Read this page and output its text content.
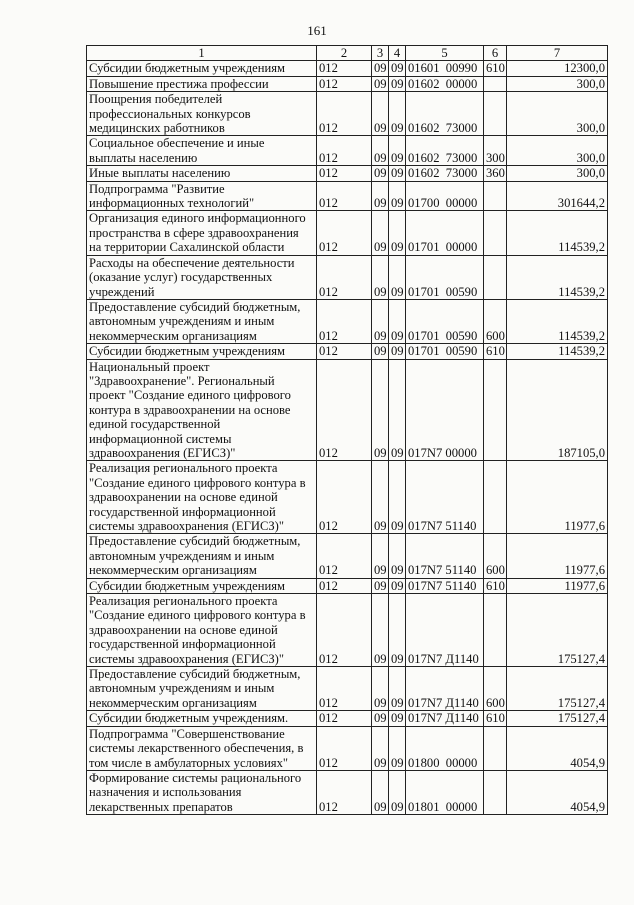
161
1	2	3	4	5	6	7
Субсидии бюджетным учреждениям	012	09	09	01601  00990	610	12300,0
Повышение престижа профессии	012	09	09	01602  00000		300,0
Поощрения победителей профессиональных конкурсов медицинских работников	012	09	09	01602  73000		300,0
Социальное обеспечение и иные выплаты населению	012	09	09	01602  73000	300	300,0
Иные выплаты населению	012	09	09	01602  73000	360	300,0
Подпрограмма "Развитие информационных технологий"	012	09	09	01700  00000		301644,2
Организация единого информационного пространства в сфере здравоохранения на территории Сахалинской области	012	09	09	01701  00000		114539,2
Расходы на обеспечение деятельности (оказание услуг) государственных учреждений	012	09	09	01701  00590		114539,2
Предоставление субсидий бюджетным, автономным учреждениям и иным некоммерческим организациям	012	09	09	01701  00590	600	114539,2
Субсидии бюджетным учреждениям	012	09	09	01701  00590	610	114539,2
Национальный проект "Здравоохранение". Региональный проект "Создание единого цифрового контура в здравоохранении на основе единой государственной информационной системы здравоохранения (ЕГИСЗ)"	012	09	09	017N7 00000		187105,0
Реализация регионального проекта "Создание единого цифрового контура в здравоохранении на основе единой государственной информационной системы здравоохранения (ЕГИСЗ)"	012	09	09	017N7 51140		11977,6
Предоставление субсидий бюджетным, автономным учреждениям и иным некоммерческим организациям	012	09	09	017N7 51140	600	11977,6
Субсидии бюджетным учреждениям	012	09	09	017N7 51140	610	11977,6
Реализация регионального проекта "Создание единого цифрового контура в здравоохранении на основе единой государственной информационной системы здравоохранения (ЕГИСЗ)"	012	09	09	017N7 Д1140		175127,4
Предоставление субсидий бюджетным, автономным учреждениям и иным некоммерческим организациям	012	09	09	017N7 Д1140	600	175127,4
Субсидии бюджетным учреждениям.	012	09	09	017N7 Д1140	610	175127,4
Подпрограмма "Совершенствование системы лекарственного обеспечения, в том числе в амбулаторных условиях"	012	09	09	01800  00000		4054,9
Формирование системы рационального назначения и использования лекарственных препаратов	012	09	09	01801  00000		4054,9
